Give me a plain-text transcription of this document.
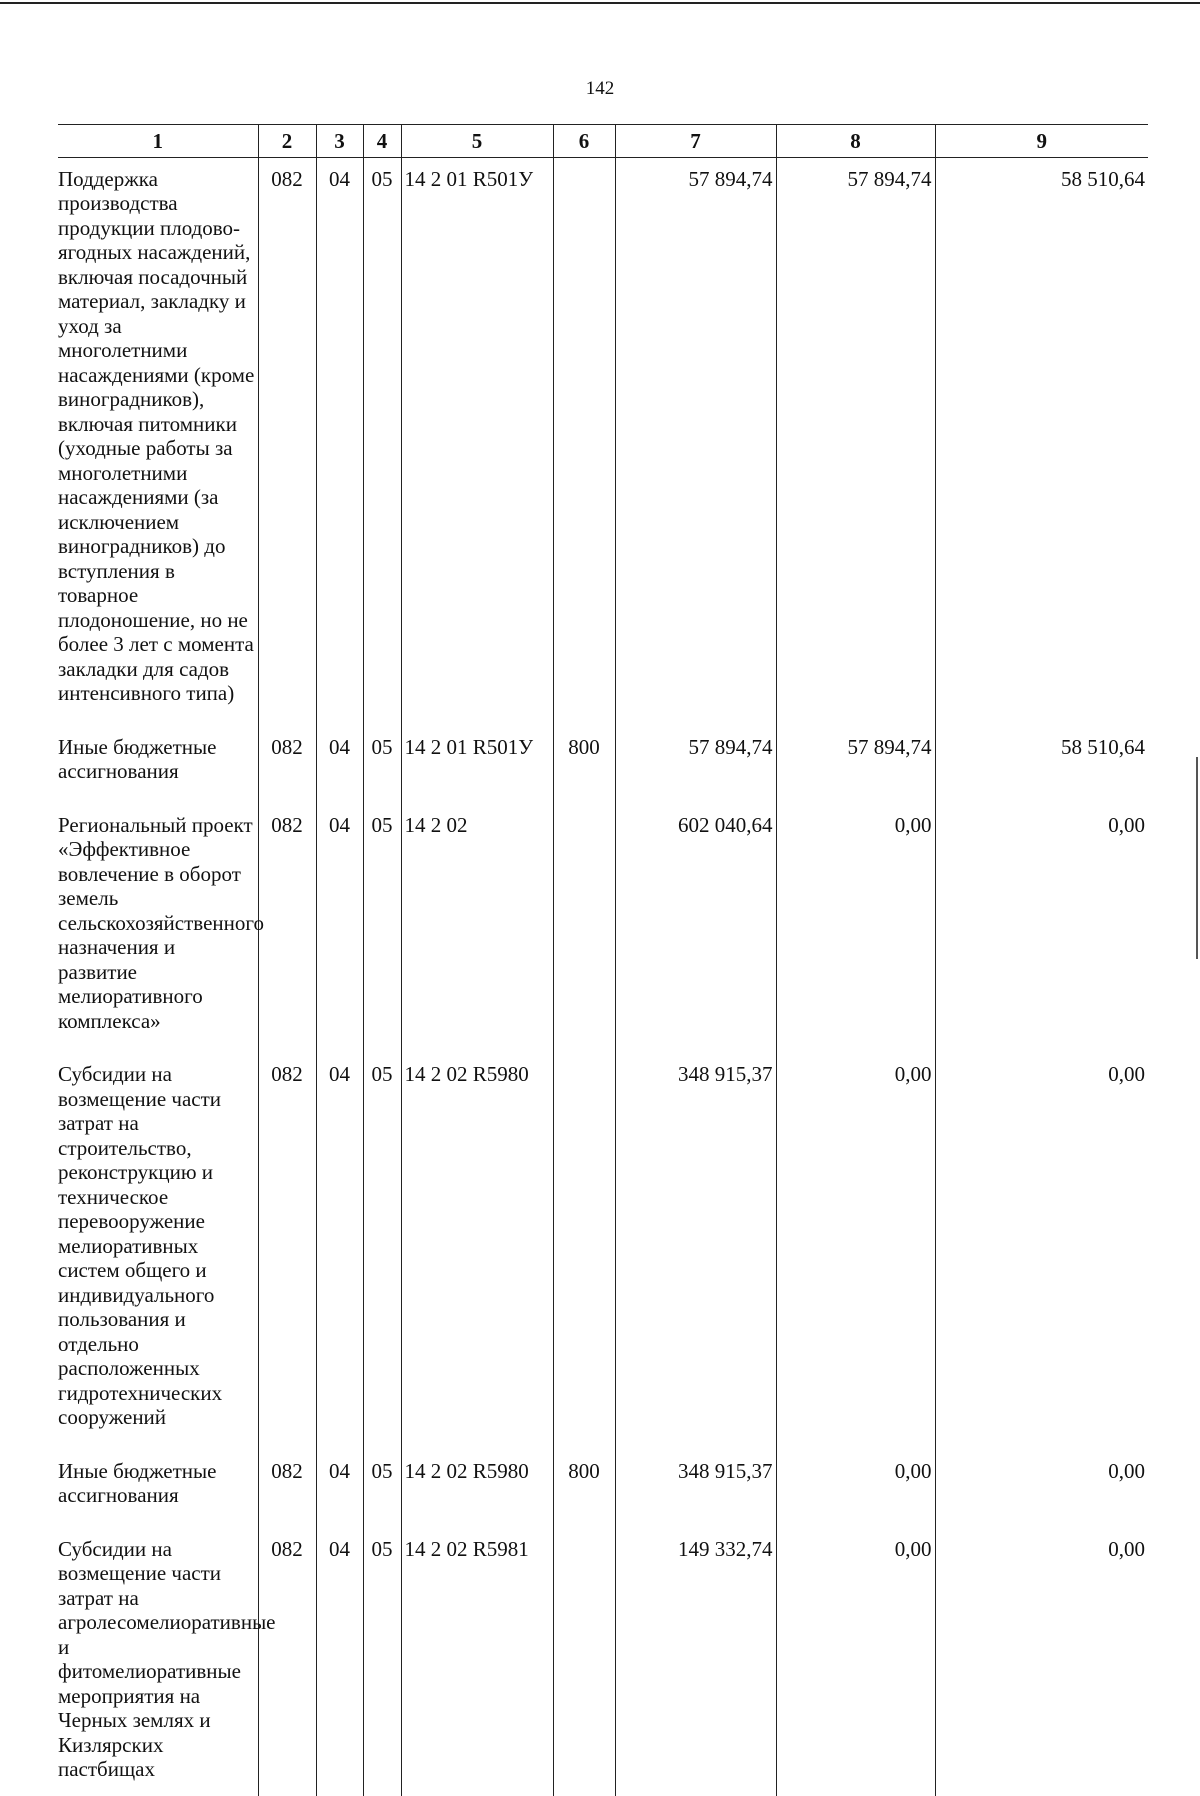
142
1	2	3	4	5	6	7	8	9
Поддержка производства продукции плодово-ягодных насаждений, включая посадочный материал, закладку и уход за многолетними насаждениями (кроме виноградников), включая питомники (уходные работы за многолетними насаждениями (за исключением виноградников) до вступления в товарное плодоношение, но не более 3 лет с момента закладки для садов интенсивного типа)	082	04	05	14 2 01 R501У		57 894,74	57 894,74	58 510,64
Иные бюджетные ассигнования	082	04	05	14 2 01 R501У	800	57 894,74	57 894,74	58 510,64
Региональный проект «Эффективное вовлечение в оборот земель сельскохозяйственного назначения и развитие мелиоративного комплекса»	082	04	05	14 2 02		602 040,64	0,00	0,00
Субсидии на возмещение части затрат на строительство, реконструкцию и техническое перевооружение мелиоративных систем общего и индивидуального пользования и отдельно расположенных гидротехнических сооружений	082	04	05	14 2 02 R5980		348 915,37	0,00	0,00
Иные бюджетные ассигнования	082	04	05	14 2 02 R5980	800	348 915,37	0,00	0,00
Субсидии на возмещение части затрат на агролесомелиоративные и фитомелиоративные мероприятия на Черных землях и Кизлярских пастбищах	082	04	05	14 2 02 R5981		149 332,74	0,00	0,00
